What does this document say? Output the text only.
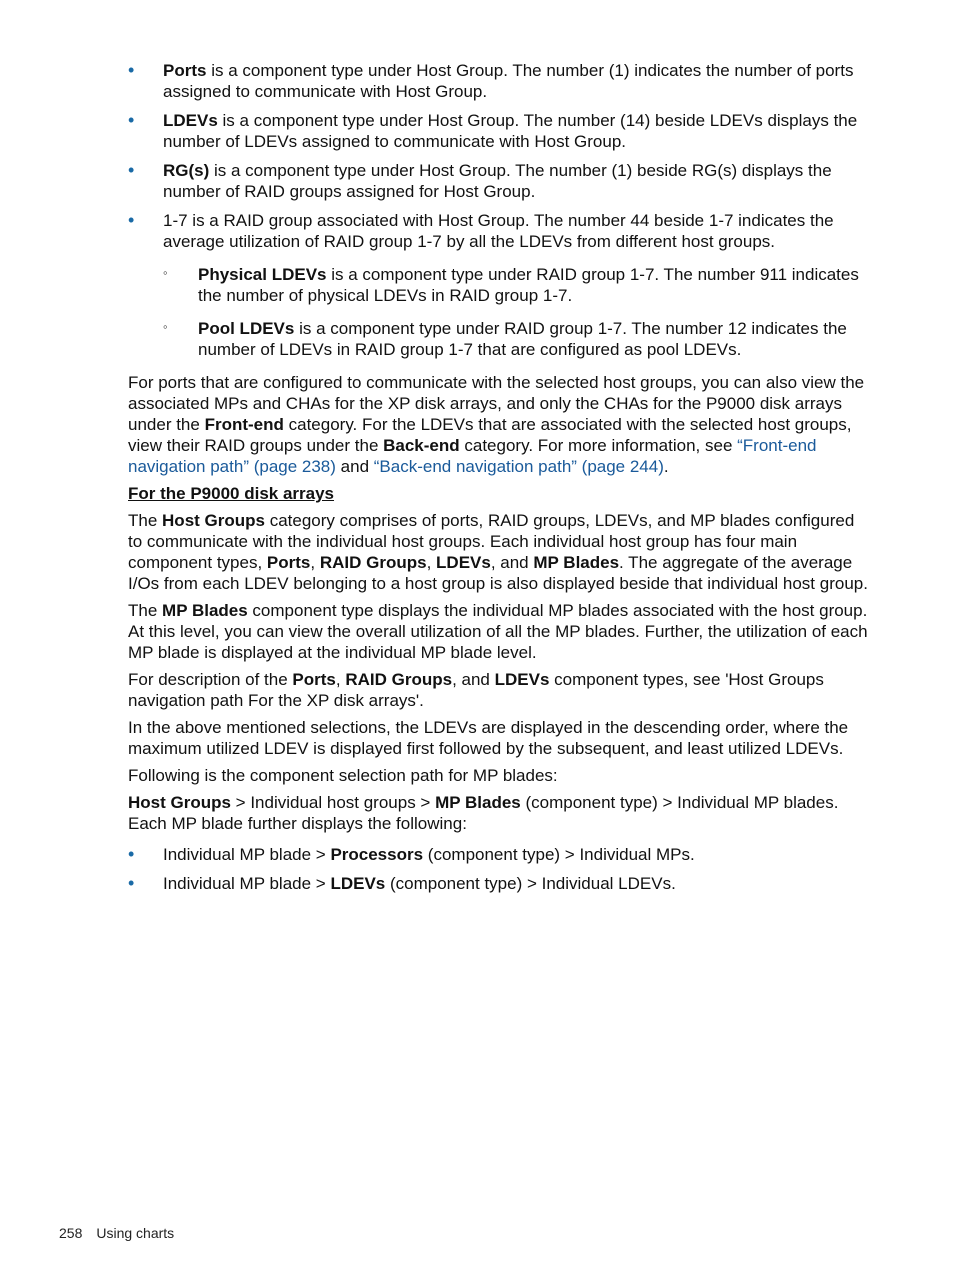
• Ports is a component type under Host Group. The number (1) indicates the number of ports assigned to communicate with Host Group.
• LDEVs is a component type under Host Group. The number (14) beside LDEVs displays the number of LDEVs assigned to communicate with Host Group.
• RG(s) is a component type under Host Group. The number (1) beside RG(s) displays the number of RAID groups assigned for Host Group.
• 1-7 is a RAID group associated with Host Group. The number 44 beside 1-7 indicates the average utilization of RAID group 1-7 by all the LDEVs from different host groups.
◦ Physical LDEVs is a component type under RAID group 1-7. The number 911 indicates the number of physical LDEVs in RAID group 1-7.
◦ Pool LDEVs is a component type under RAID group 1-7. The number 12 indicates the number of LDEVs in RAID group 1-7 that are configured as pool LDEVs.

For ports that are configured to communicate with the selected host groups, you can also view the associated MPs and CHAs for the XP disk arrays, and only the CHAs for the P9000 disk arrays under the Front-end category. For the LDEVs that are associated with the selected host groups, view their RAID groups under the Back-end category. For more information, see “Front-end navigation path” (page 238) and “Back-end navigation path” (page 244).

For the P9000 disk arrays

The Host Groups category comprises of ports, RAID groups, LDEVs, and MP blades configured to communicate with the individual host groups. Each individual host group has four main component types, Ports, RAID Groups, LDEVs, and MP Blades. The aggregate of the average I/Os from each LDEV belonging to a host group is also displayed beside that individual host group.

The MP Blades component type displays the individual MP blades associated with the host group. At this level, you can view the overall utilization of all the MP blades. Further, the utilization of each MP blade is displayed at the individual MP blade level.

For description of the Ports, RAID Groups, and LDEVs component types, see 'Host Groups navigation path For the XP disk arrays'.

In the above mentioned selections, the LDEVs are displayed in the descending order, where the maximum utilized LDEV is displayed first followed by the subsequent, and least utilized LDEVs.

Following is the component selection path for MP blades:

Host Groups > Individual host groups > MP Blades (component type) > Individual MP blades. Each MP blade further displays the following:

• Individual MP blade > Processors (component type) > Individual MPs.
• Individual MP blade > LDEVs (component type) > Individual LDEVs.
258 Using charts
